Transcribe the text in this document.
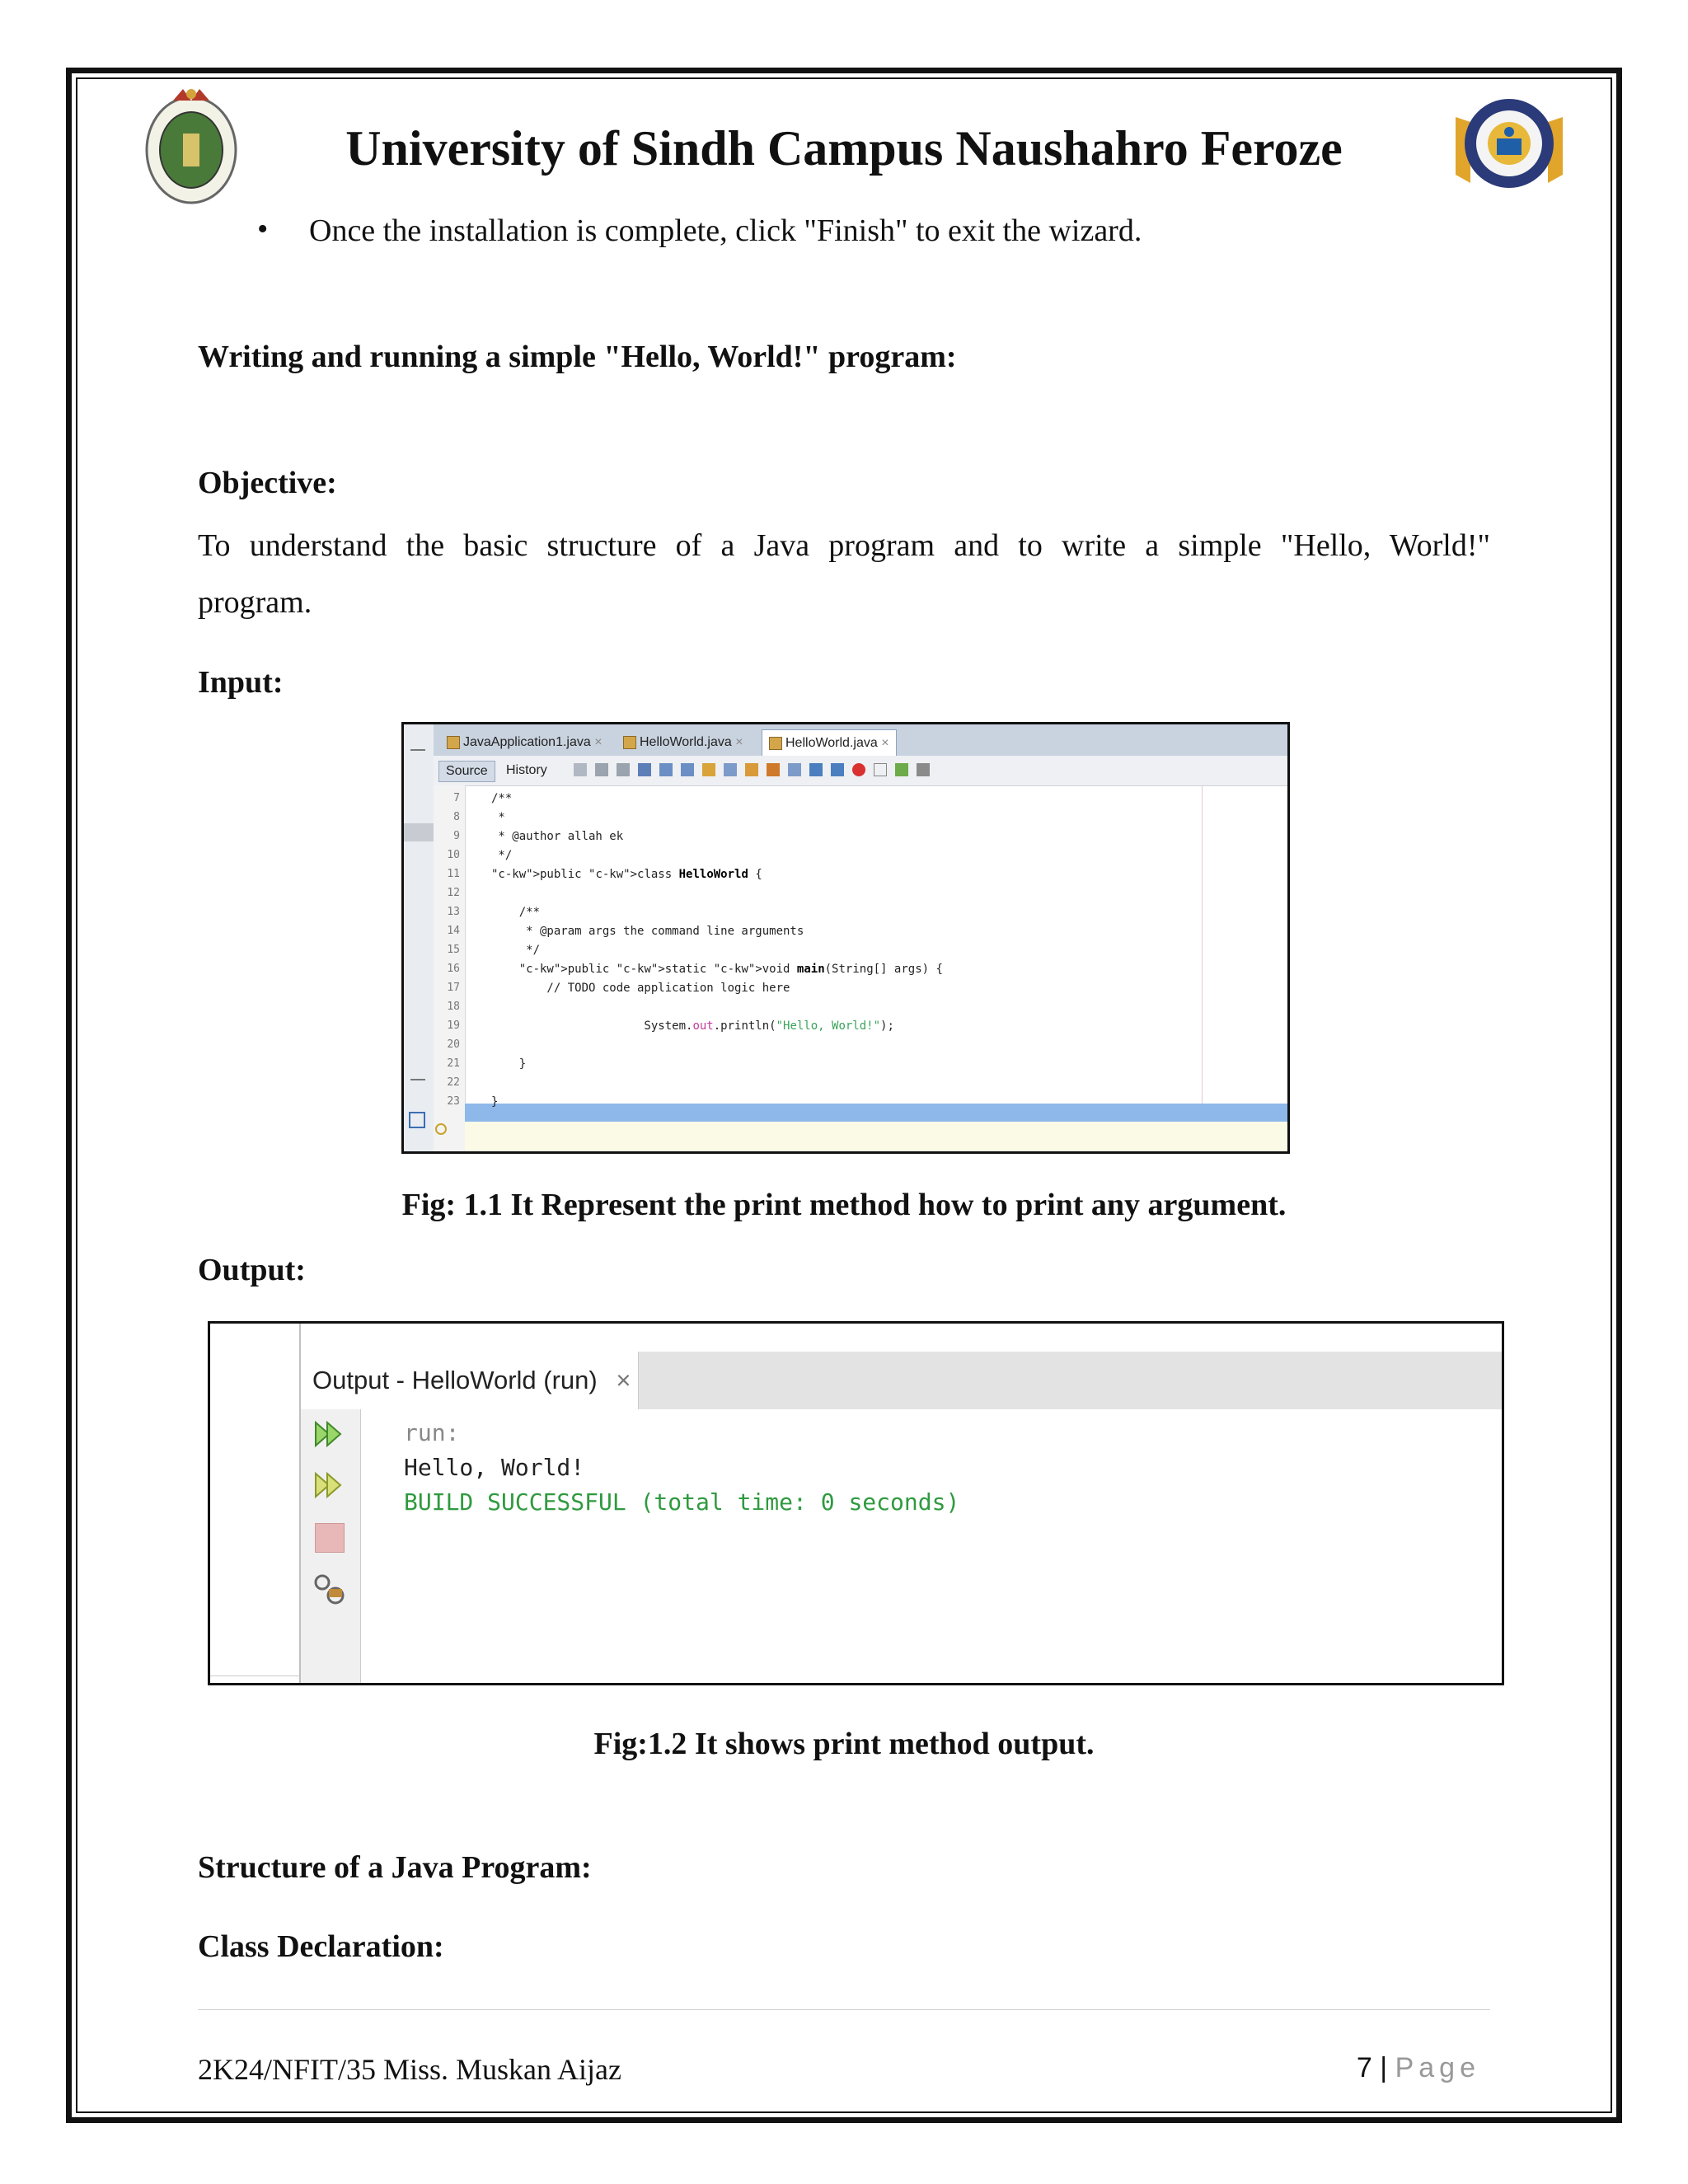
University of Sindh Campus Naushahro Feroze
• Once the installation is complete, click "Finish" to exit the wizard.
Writing and running a simple "Hello, World!" program:
Objective:
To understand the basic structure of a Java program and to write a simple "Hello, World!"
program.
Input:
JavaApplication1.java ×	HelloWorld.java ×	HelloWorld.java ×
Source	History
7	/**
8	*
9	* @author allah ek
10	*/
11	"c-kw">public "c-kw">class HelloWorld {
12
13	/**
14	* @param args the command line arguments
15	*/
16	"c-kw">public "c-kw">static "c-kw">void main(String[] args) {
17	// TODO code application logic here
18
19	System.out.println("Hello, World!");
20
21	}
22
23	}
Fig: 1.1 It Represent the print method how to print any argument.
Output:
Output - HelloWorld (run) ×
run:
Hello, World!
BUILD SUCCESSFUL (total time: 0 seconds)
Fig:1.2 It shows print method output.
Structure of a Java Program:
Class Declaration:
2K24/NFIT/35 Miss. Muskan Aijaz	7 | Page
